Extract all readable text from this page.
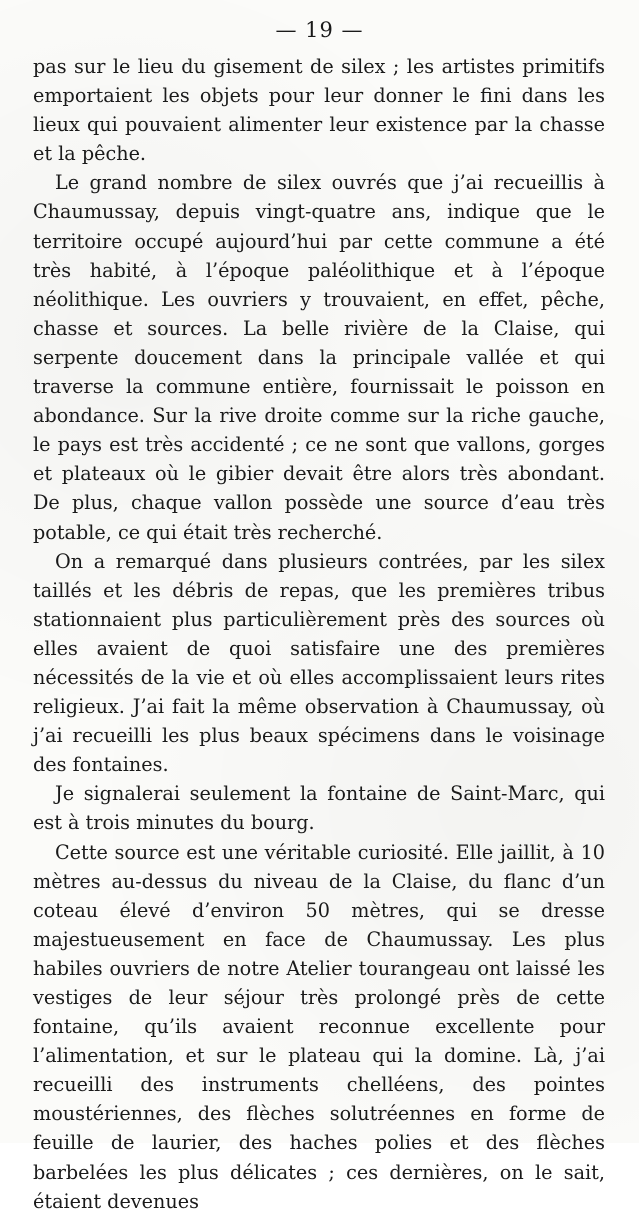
— 19 —

pas sur le lieu du gisement de silex ; les artistes primitifs emportaient les objets pour leur donner le fini dans les lieux qui pouvaient alimenter leur existence par la chasse et la pêche.

Le grand nombre de silex ouvrés que j’ai recueillis à Chaumussay, depuis vingt-quatre ans, indique que le territoire occupé aujourd’hui par cette commune a été très habité, à l’époque paléolithique et à l’époque néolithique. Les ouvriers y trouvaient, en effet, pêche, chasse et sources. La belle rivière de la Claise, qui serpente doucement dans la principale vallée et qui traverse la commune entière, fournissait le poisson en abondance. Sur la rive droite comme sur la riche gauche, le pays est très accidenté ; ce ne sont que vallons, gorges et plateaux où le gibier devait être alors très abondant. De plus, chaque vallon possède une source d’eau très potable, ce qui était très recherché.

On a remarqué dans plusieurs contrées, par les silex taillés et les débris de repas, que les premières tribus stationnaient plus particulièrement près des sources où elles avaient de quoi satisfaire une des premières nécessités de la vie et où elles accomplissaient leurs rites religieux. J’ai fait la même observation à Chaumussay, où j’ai recueilli les plus beaux spécimens dans le voisinage des fontaines.

Je signalerai seulement la fontaine de Saint-Marc, qui est à trois minutes du bourg.

Cette source est une véritable curiosité. Elle jaillit, à 10 mètres au-dessus du niveau de la Claise, du flanc d’un coteau élevé d’environ 50 mètres, qui se dresse majestueusement en face de Chaumussay. Les plus habiles ouvriers de notre Atelier tourangeau ont laissé les vestiges de leur séjour très prolongé près de cette fontaine, qu’ils avaient reconnue excellente pour l’alimentation, et sur le plateau qui la domine. Là, j’ai recueilli des instruments chelléens, des pointes moustériennes, des flèches solutréennes en forme de feuille de laurier, des haches polies et des flèches barbelées les plus délicates ; ces dernières, on le sait, étaient devenues
